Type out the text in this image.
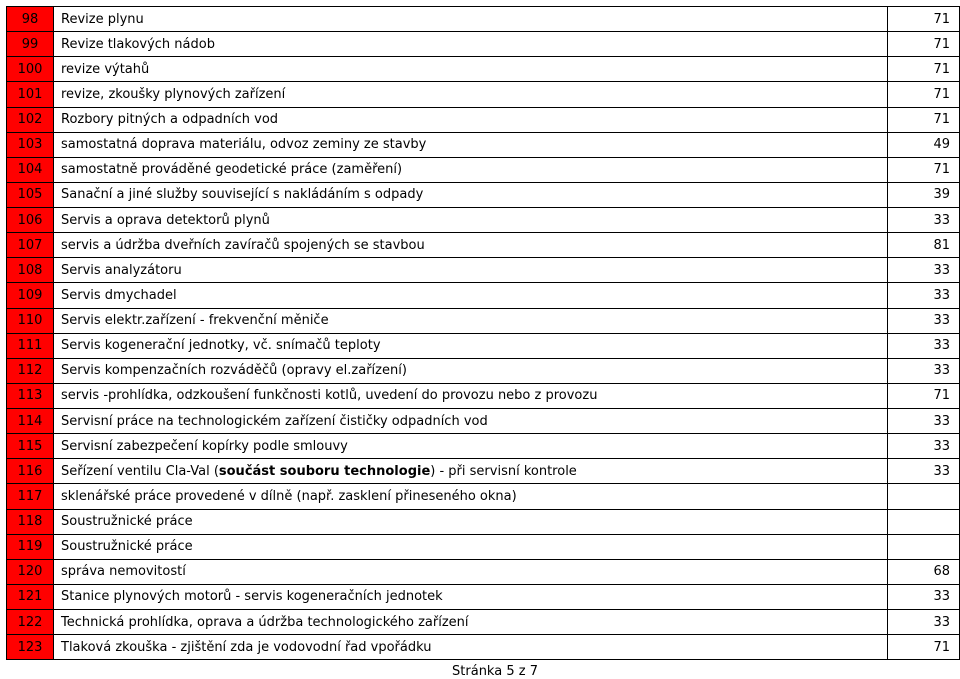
98	Revize plynu	71
99	Revize tlakových nádob	71
100	revize výtahů	71
101	revize, zkoušky plynových zařízení	71
102	Rozbory pitných a odpadních vod	71
103	samostatná doprava materiálu, odvoz zeminy ze stavby	49
104	samostatně prováděné geodetické práce (zaměření)	71
105	Sanační a jiné služby související s nakládáním s odpady	39
106	Servis a oprava detektorů plynů	33
107	servis a údržba dveřních zavíračů spojených se stavbou	81
108	Servis analyzátoru	33
109	Servis dmychadel	33
110	Servis elektr.zařízení - frekvenční měniče	33
111	Servis kogenerační jednotky, vč. snímačů teploty	33
112	Servis kompenzačních rozváděčů (opravy el.zařízení)	33
113	servis -prohlídka, odzkoušení funkčnosti kotlů, uvedení do provozu nebo z provozu	71
114	Servisní práce na technologickém zařízení čističky odpadních vod	33
115	Servisní zabezpečení kopírky podle smlouvy	33
116	Seřízení ventilu Cla-Val ( součást souboru technologie ) - při servisní kontrole	33
117	sklenářské práce provedené v dílně (např. zasklení přineseného okna)
118	Soustružnické práce
119	Soustružnické práce
120	správa nemovitostí	68
121	Stanice plynových motorů - servis kogeneračních jednotek	33
122	Technická prohlídka, oprava a údržba technologického zařízení	33
123	Tlaková zkouška - zjištění zda je vodovodní řad vpořádku	71
Stránka 5 z 7
